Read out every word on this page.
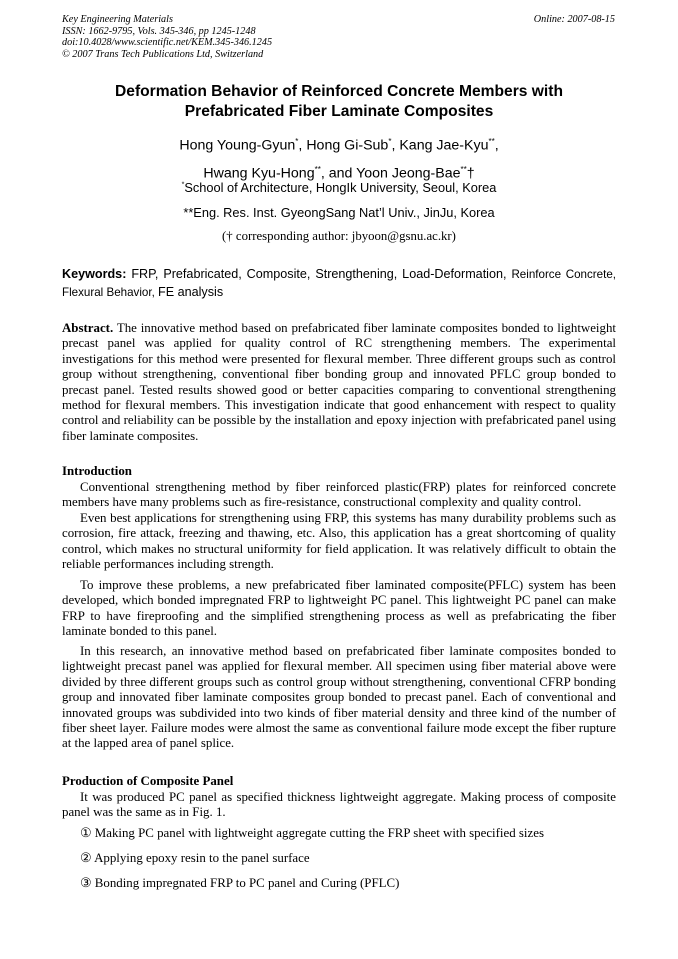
Key Engineering Materials
ISSN: 1662-9795, Vols. 345-346, pp 1245-1248
doi:10.4028/www.scientific.net/KEM.345-346.1245
© 2007 Trans Tech Publications Ltd, Switzerland
Online: 2007-08-15
Deformation Behavior of Reinforced Concrete Members with
Prefabricated Fiber Laminate Composites
Hong Young-Gyun*, Hong Gi-Sub*, Kang Jae-Kyu**,
Hwang Kyu-Hong**, and Yoon Jeong-Bae**†
*School of Architecture, HongIk University, Seoul, Korea
**Eng. Res. Inst. GyeongSang Nat’l Univ., JinJu, Korea
(† corresponding author: jbyoon@gsnu.ac.kr)
Keywords: FRP, Prefabricated, Composite, Strengthening, Load-Deformation, Reinforce Concrete, Flexural Behavior, FE analysis
Abstract. The innovative method based on prefabricated fiber laminate composites bonded to lightweight precast panel was applied for quality control of RC strengthening members. The experimental investigations for this method were presented for flexural member. Three different groups such as control group without strengthening, conventional fiber bonding group and innovated PFLC group bonded to precast panel. Tested results showed good or better capacities comparing to conventional strengthening method for flexural members. This investigation indicate that good enhancement with respect to quality control and reliability can be possible by the installation and epoxy injection with prefabricated panel using fiber laminate composites.
Introduction
Conventional strengthening method by fiber reinforced plastic(FRP) plates for reinforced concrete members have many problems such as fire-resistance, constructional complexity and quality control.
Even best applications for strengthening using FRP, this systems has many durability problems such as corrosion, fire attack, freezing and thawing, etc. Also, this application has a great shortcoming of quality control, which makes no structural uniformity for field application. It was relatively difficult to obtain the reliable performances including strength.
To improve these problems, a new prefabricated fiber laminated composite(PFLC) system has been developed, which bonded impregnated FRP to lightweight PC panel. This lightweight PC panel can make FRP to have fireproofing and the simplified strengthening process as well as prefabricating the fiber laminate bonded to this panel.
In this research, an innovative method based on prefabricated fiber laminate composites bonded to lightweight precast panel was applied for flexural member. All specimen using fiber material above were divided by three different groups such as control group without strengthening, conventional CFRP bonding group and innovated fiber laminate composites group bonded to precast panel. Each of conventional and innovated groups was subdivided into two kinds of fiber material density and three kind of the number of fiber sheet layer. Failure modes were almost the same as conventional failure mode except the fiber rupture at the lapped area of panel splice.
Production of Composite Panel
It was produced PC panel as specified thickness lightweight aggregate. Making process of composite panel was the same as in Fig. 1.
① Making PC panel with lightweight aggregate cutting the FRP sheet with specified sizes
② Applying epoxy resin to the panel surface
③ Bonding impregnated FRP to PC panel and Curing (PFLC)
